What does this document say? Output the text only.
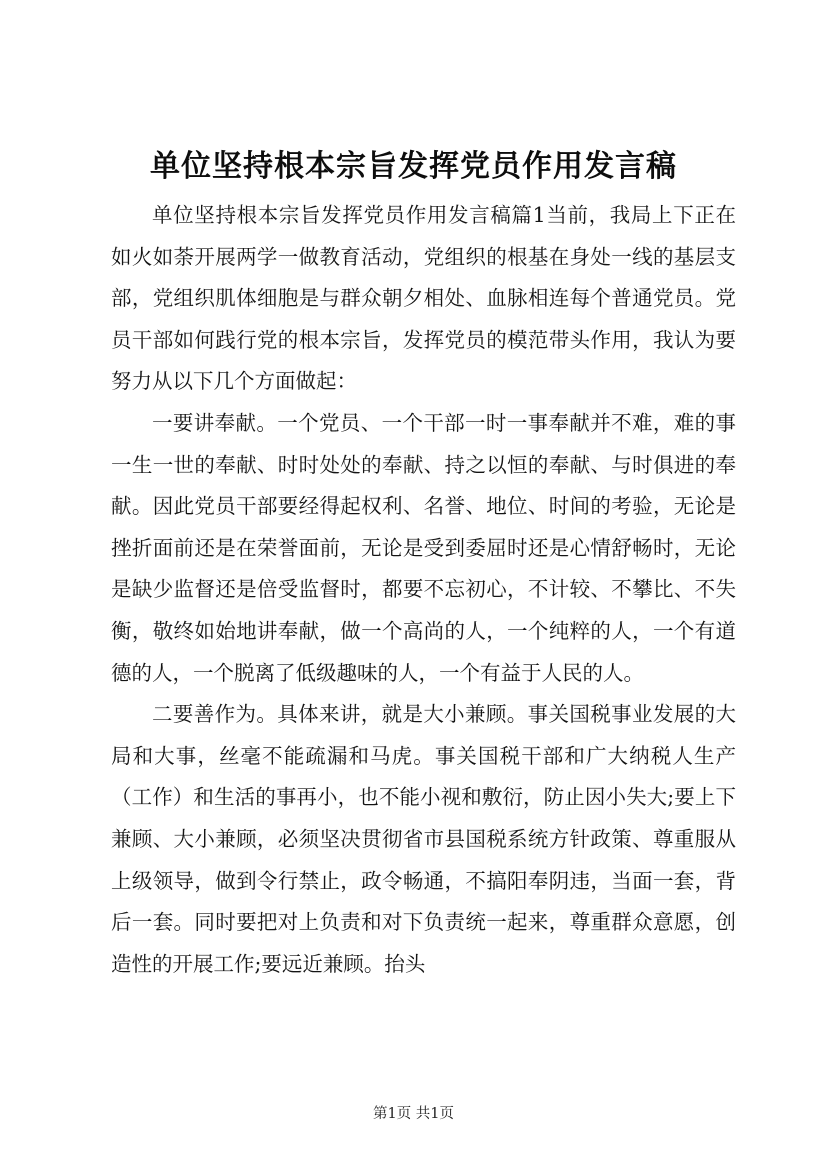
单位坚持根本宗旨发挥党员作用发言稿

单位坚持根本宗旨发挥党员作用发言稿篇1当前，我局上下正在如火如荼开展两学一做教育活动，党组织的根基在身处一线的基层支部，党组织肌体细胞是与群众朝夕相处、血脉相连每个普通党员。党员干部如何践行党的根本宗旨，发挥党员的模范带头作用，我认为要努力从以下几个方面做起：

一要讲奉献。一个党员、一个干部一时一事奉献并不难，难的事一生一世的奉献、时时处处的奉献、持之以恒的奉献、与时俱进的奉献。因此党员干部要经得起权利、名誉、地位、时间的考验，无论是挫折面前还是在荣誉面前，无论是受到委屈时还是心情舒畅时，无论是缺少监督还是倍受监督时，都要不忘初心，不计较、不攀比、不失衡，敬终如始地讲奉献，做一个高尚的人，一个纯粹的人，一个有道德的人，一个脱离了低级趣味的人，一个有益于人民的人。

二要善作为。具体来讲，就是大小兼顾。事关国税事业发展的大局和大事，丝毫不能疏漏和马虎。事关国税干部和广大纳税人生产（工作）和生活的事再小，也不能小视和敷衍，防止因小失大;要上下兼顾、大小兼顾，必须坚决贯彻省市县国税系统方针政策、尊重服从上级领导，做到令行禁止，政令畅通，不搞阳奉阴违，当面一套，背后一套。同时要把对上负责和对下负责统一起来，尊重群众意愿，创造性的开展工作;要远近兼顾。抬头

第1页 共1页
